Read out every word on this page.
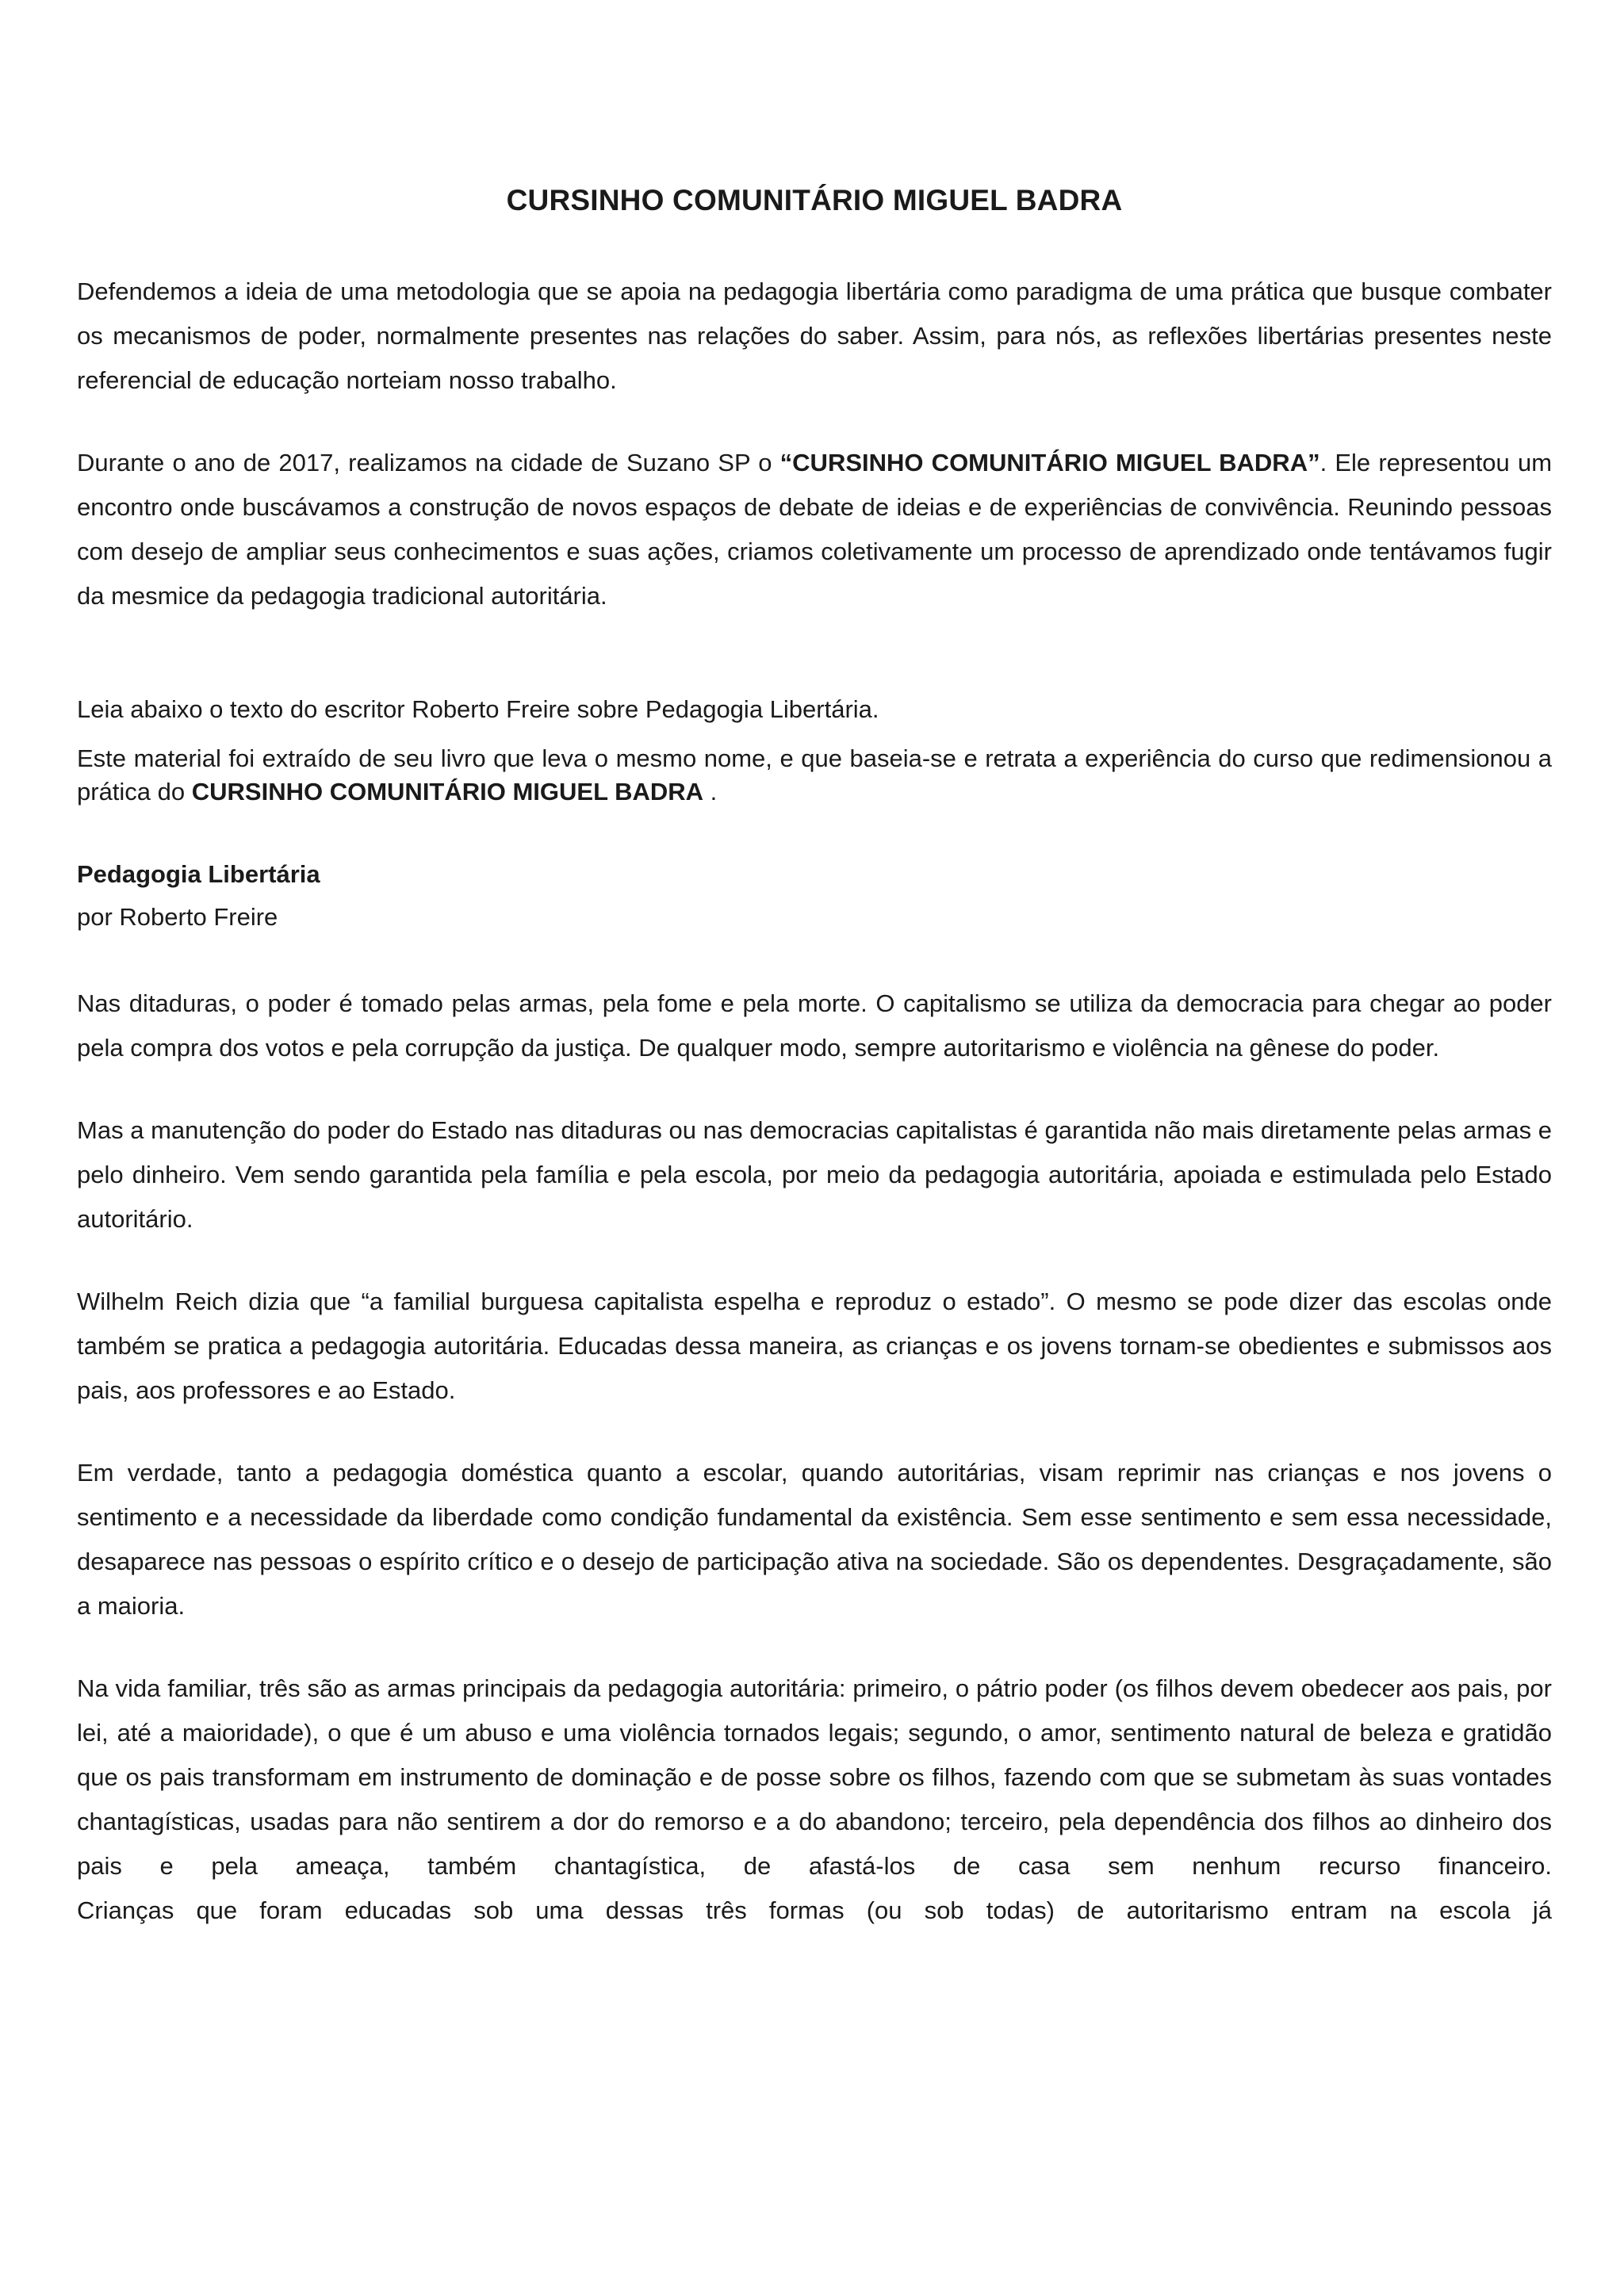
CURSINHO COMUNITÁRIO MIGUEL BADRA

Defendemos a ideia de uma metodologia que se apoia na pedagogia libertária como paradigma de uma prática que busque combater os mecanismos de poder, normalmente presentes nas relações do saber. Assim, para nós, as reflexões libertárias presentes neste referencial de educação norteiam nosso trabalho.

Durante o ano de 2017, realizamos na cidade de Suzano SP o “CURSINHO COMUNITÁRIO MIGUEL BADRA”. Ele representou um encontro onde buscávamos a construção de novos espaços de debate de ideias e de experiências de convivência. Reunindo pessoas com desejo de ampliar seus conhecimentos e suas ações, criamos coletivamente um processo de aprendizado onde tentávamos fugir da mesmice da pedagogia tradicional autoritária.

Leia abaixo o texto do escritor Roberto Freire sobre Pedagogia Libertária.

Este material foi extraído de seu livro que leva o mesmo nome, e que baseia-se e retrata a experiência do curso que redimensionou a prática do CURSINHO COMUNITÁRIO MIGUEL BADRA .

Pedagogia Libertária
por Roberto Freire

Nas ditaduras, o poder é tomado pelas armas, pela fome e pela morte. O capitalismo se utiliza da democracia para chegar ao poder pela compra dos votos e pela corrupção da justiça. De qualquer modo, sempre autoritarismo e violência na gênese do poder.

Mas a manutenção do poder do Estado nas ditaduras ou nas democracias capitalistas é garantida não mais diretamente pelas armas e pelo dinheiro. Vem sendo garantida pela família e pela escola, por meio da pedagogia autoritária, apoiada e estimulada pelo Estado autoritário.

Wilhelm Reich dizia que “a familial burguesa capitalista espelha e reproduz o estado”. O mesmo se pode dizer das escolas onde também se pratica a pedagogia autoritária. Educadas dessa maneira, as crianças e os jovens tornam-se obedientes e submissos aos pais, aos professores e ao Estado.

Em verdade, tanto a pedagogia doméstica quanto a escolar, quando autoritárias, visam reprimir nas crianças e nos jovens o sentimento e a necessidade da liberdade como condição fundamental da existência. Sem esse sentimento e sem essa necessidade, desaparece nas pessoas o espírito crítico e o desejo de participação ativa na sociedade. São os dependentes. Desgraçadamente, são a maioria.

Na vida familiar, três são as armas principais da pedagogia autoritária: primeiro, o pátrio poder (os filhos devem obedecer aos pais, por lei, até a maioridade), o que é um abuso e uma violência tornados legais; segundo, o amor, sentimento natural de beleza e gratidão que os pais transformam em instrumento de dominação e de posse sobre os filhos, fazendo com que se submetam às suas vontades chantagísticas, usadas para não sentirem a dor do remorso e a do abandono; terceiro, pela dependência dos filhos ao dinheiro dos pais e pela ameaça, também chantagística, de afastá-los de casa sem nenhum recurso financeiro.

Crianças que foram educadas sob uma dessas três formas (ou sob todas) de autoritarismo entram na escola já
